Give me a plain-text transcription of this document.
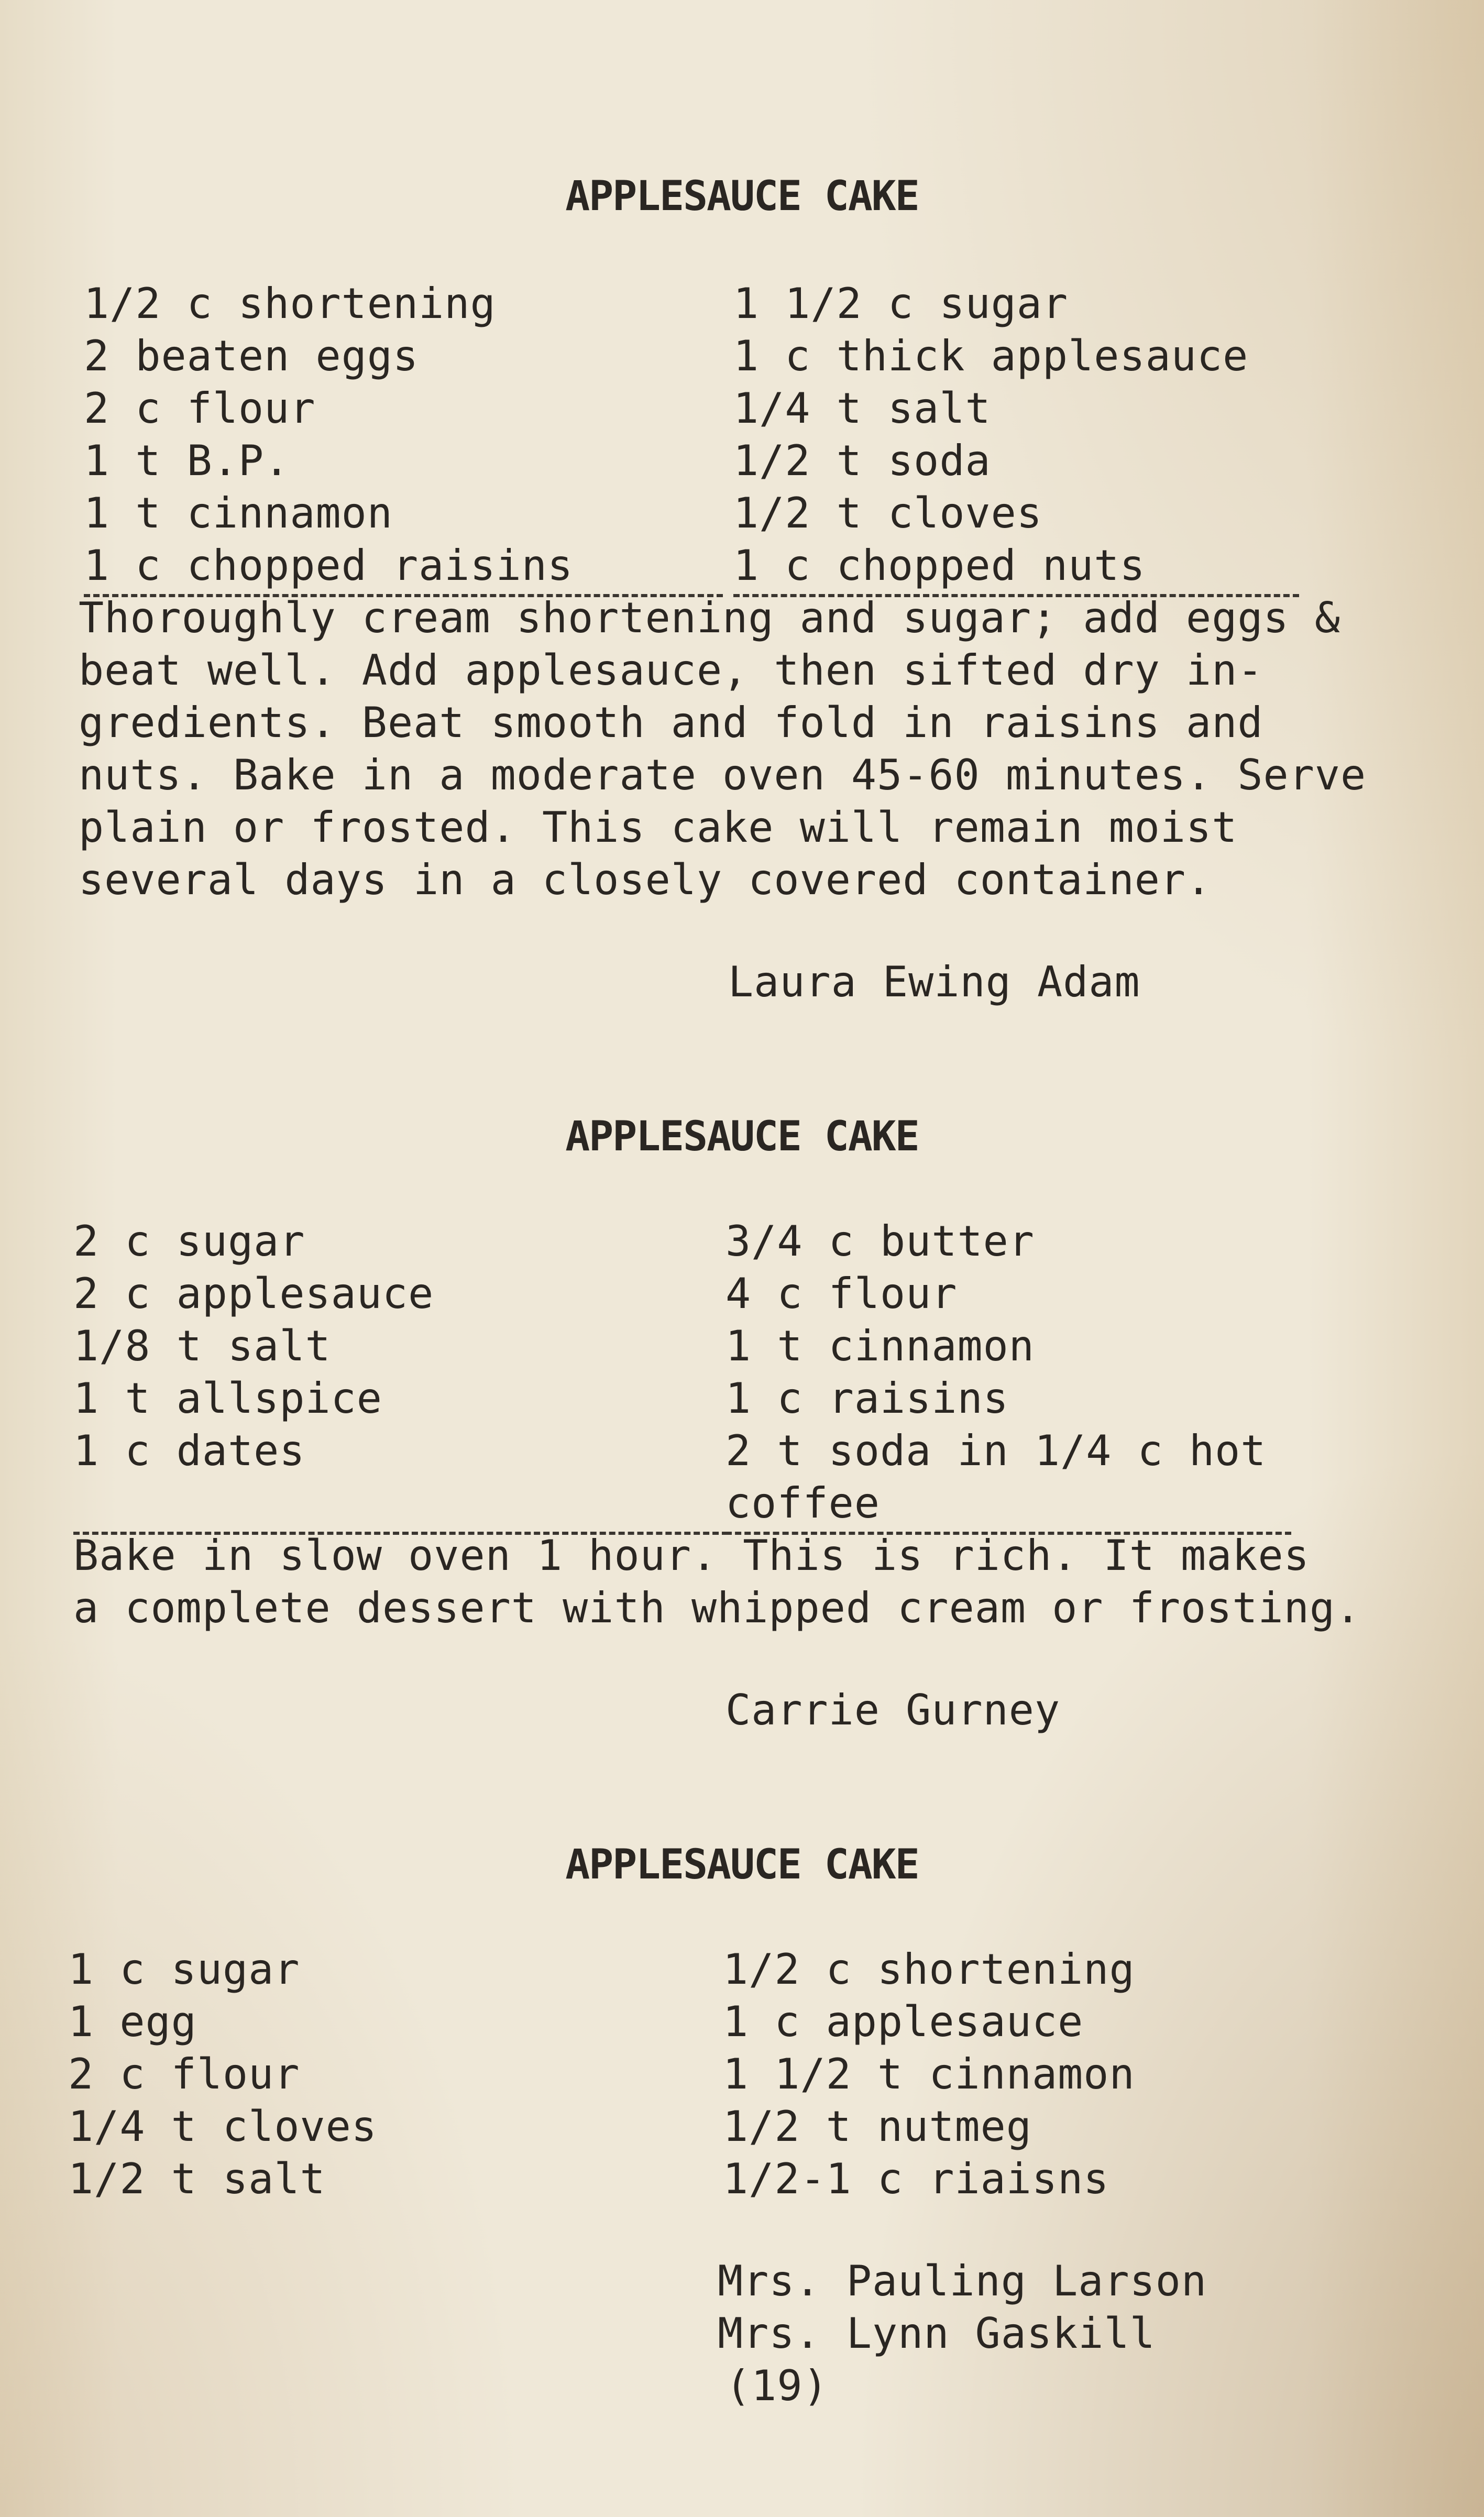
APPLESAUCE CAKE
1/2 c shortening
2 beaten eggs
2 c flour
1 t B.P.
1 t cinnamon
1 c chopped raisins
1 1/2 c sugar
1 c thick applesauce
1/4 t salt
1/2 t soda
1/2 t cloves
1 c chopped nuts
Thoroughly cream shortening and sugar; add eggs &
beat well. Add applesauce, then sifted dry in-
gredients. Beat smooth and fold in raisins and
nuts. Bake in a moderate oven 45-60 minutes. Serve
plain or frosted. This cake will remain moist
several days in a closely covered container.
Laura Ewing Adam
APPLESAUCE CAKE
2 c sugar
2 c applesauce
1/8 t salt
1 t allspice
1 c dates
3/4 c butter
4 c flour
1 t cinnamon
1 c raisins
2 t soda in 1/4 c hot
coffee
Bake in slow oven 1 hour. This is rich. It makes
a complete dessert with whipped cream or frosting.
Carrie Gurney
APPLESAUCE CAKE
1 c sugar
1 egg
2 c flour
1/4 t cloves
1/2 t salt
1/2 c shortening
1 c applesauce
1 1/2 t cinnamon
1/2 t nutmeg
1/2-1 c riaisns
Mrs. Pauling Larson
Mrs. Lynn Gaskill
(19)
